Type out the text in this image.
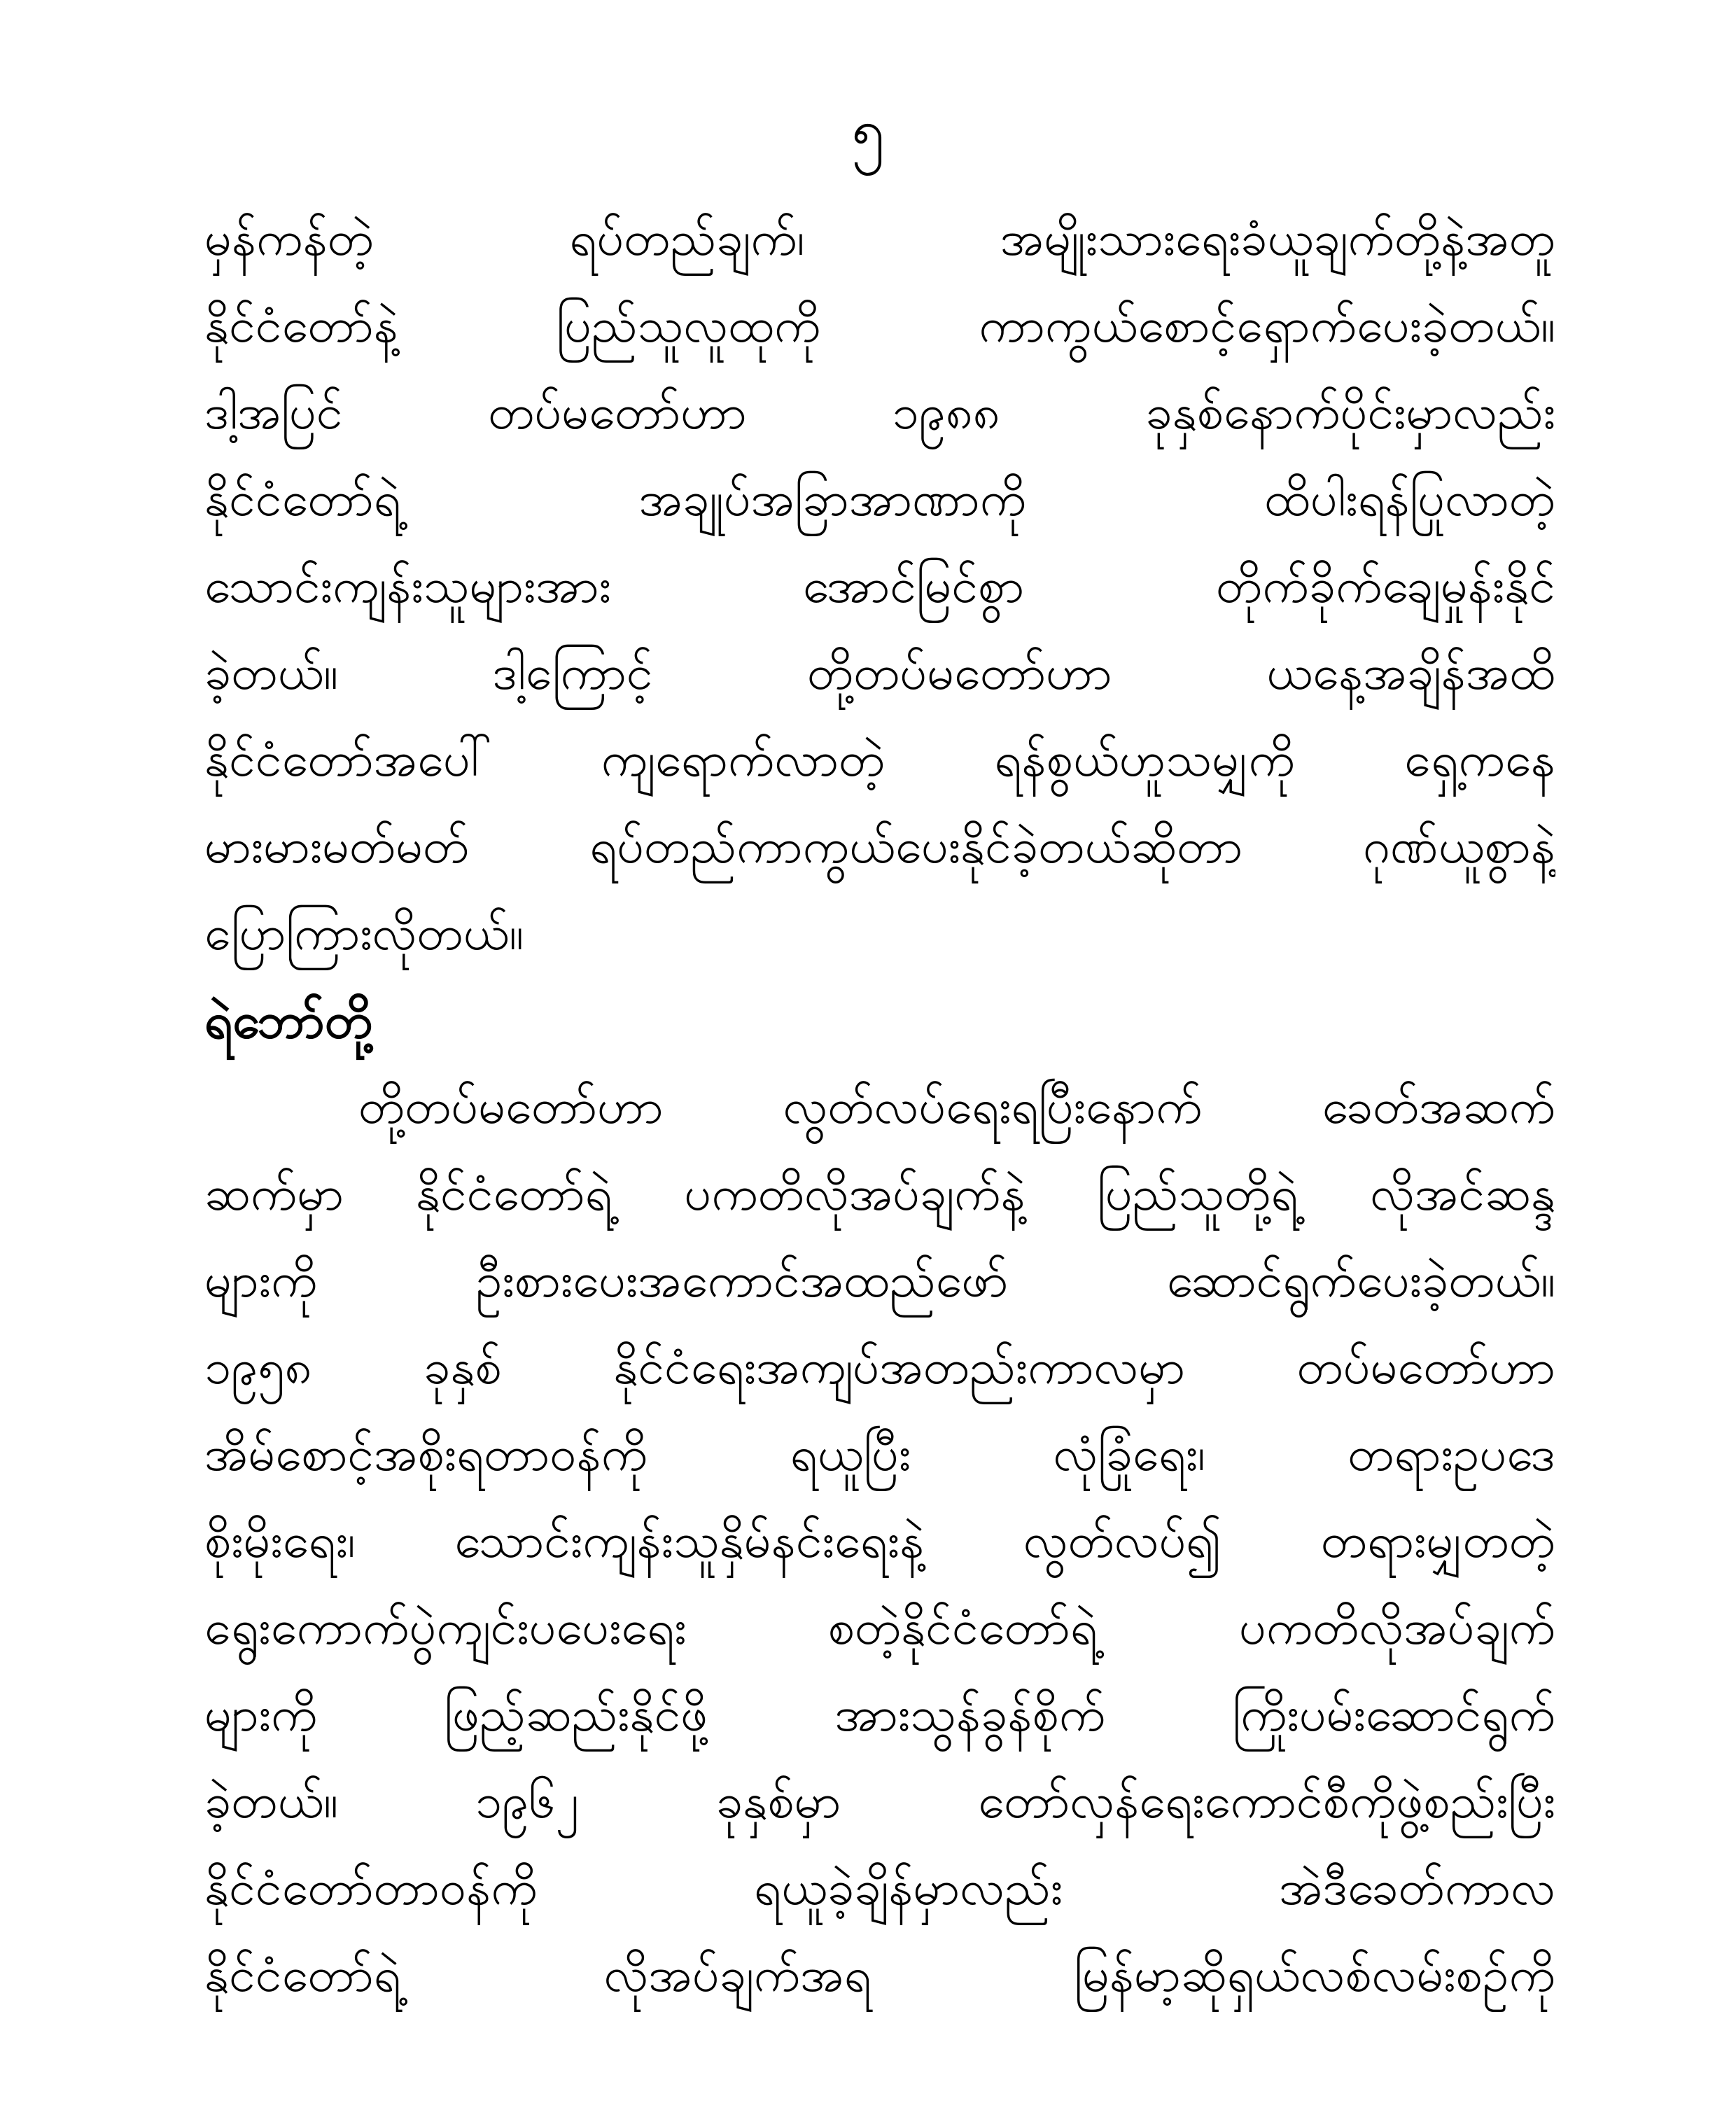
၅

မှန်ကန်တဲ့ ရပ်တည်ချက်၊ အမျိုးသားရေးခံယူချက်တို့နဲ့အတူ
နိုင်ငံတော်နဲ့ ပြည်သူလူထုကို ကာကွယ်စောင့်ရှောက်ပေးခဲ့တယ်။
ဒါ့အပြင် တပ်မတော်ဟာ ၁၉၈၈ ခုနှစ်နောက်ပိုင်းမှာလည်း
နိုင်ငံတော်ရဲ့ အချုပ်အခြာအာဏာကို ထိပါးရန်ပြုလာတဲ့
သောင်းကျန်းသူများအား အောင်မြင်စွာ တိုက်ခိုက်ချေမှုန်းနိုင်
ခဲ့တယ်။ ဒါ့ကြောင့် တို့တပ်မတော်ဟာ ယနေ့အချိန်အထိ
နိုင်ငံတော်အပေါ် ကျရောက်လာတဲ့ ရန်စွယ်ဟူသမျှကို ရှေ့ကနေ
မားမားမတ်မတ် ရပ်တည်ကာကွယ်ပေးနိုင်ခဲ့တယ်ဆိုတာ ဂုဏ်ယူစွာနဲ့
ပြောကြားလိုတယ်။
ရဲဘော်တို့
တို့တပ်မတော်ဟာ လွတ်လပ်ရေးရပြီးနောက် ခေတ်အဆက်
ဆက်မှာ နိုင်ငံတော်ရဲ့ ပကတိလိုအပ်ချက်နဲ့ ပြည်သူတို့ရဲ့ လိုအင်ဆန္ဒ
များကို ဦးစားပေးအကောင်အထည်ဖော် ဆောင်ရွက်ပေးခဲ့တယ်။
၁၉၅၈ ခုနှစ် နိုင်ငံရေးအကျပ်အတည်းကာလမှာ တပ်မတော်ဟာ
အိမ်စောင့်အစိုးရတာဝန်ကို ရယူပြီး လုံခြုံရေး၊ တရားဥပဒေ
စိုးမိုးရေး၊ သောင်းကျန်းသူနှိမ်နင်းရေးနဲ့ လွတ်လပ်၍ တရားမျှတတဲ့
ရွေးကောက်ပွဲကျင်းပပေးရေး စတဲ့နိုင်ငံတော်ရဲ့ ပကတိလိုအပ်ချက်
များကို ဖြည့်ဆည်းနိုင်ဖို့ အားသွန်ခွန်စိုက် ကြိုးပမ်းဆောင်ရွက်
ခဲ့တယ်။ ၁၉၆၂ ခုနှစ်မှာ တော်လှန်ရေးကောင်စီကိုဖွဲ့စည်းပြီး
နိုင်ငံတော်တာဝန်ကို ရယူခဲ့ချိန်မှာလည်း အဲဒီခေတ်ကာလ
နိုင်ငံတော်ရဲ့ လိုအပ်ချက်အရ မြန်မာ့ဆိုရှယ်လစ်လမ်းစဉ်ကို
